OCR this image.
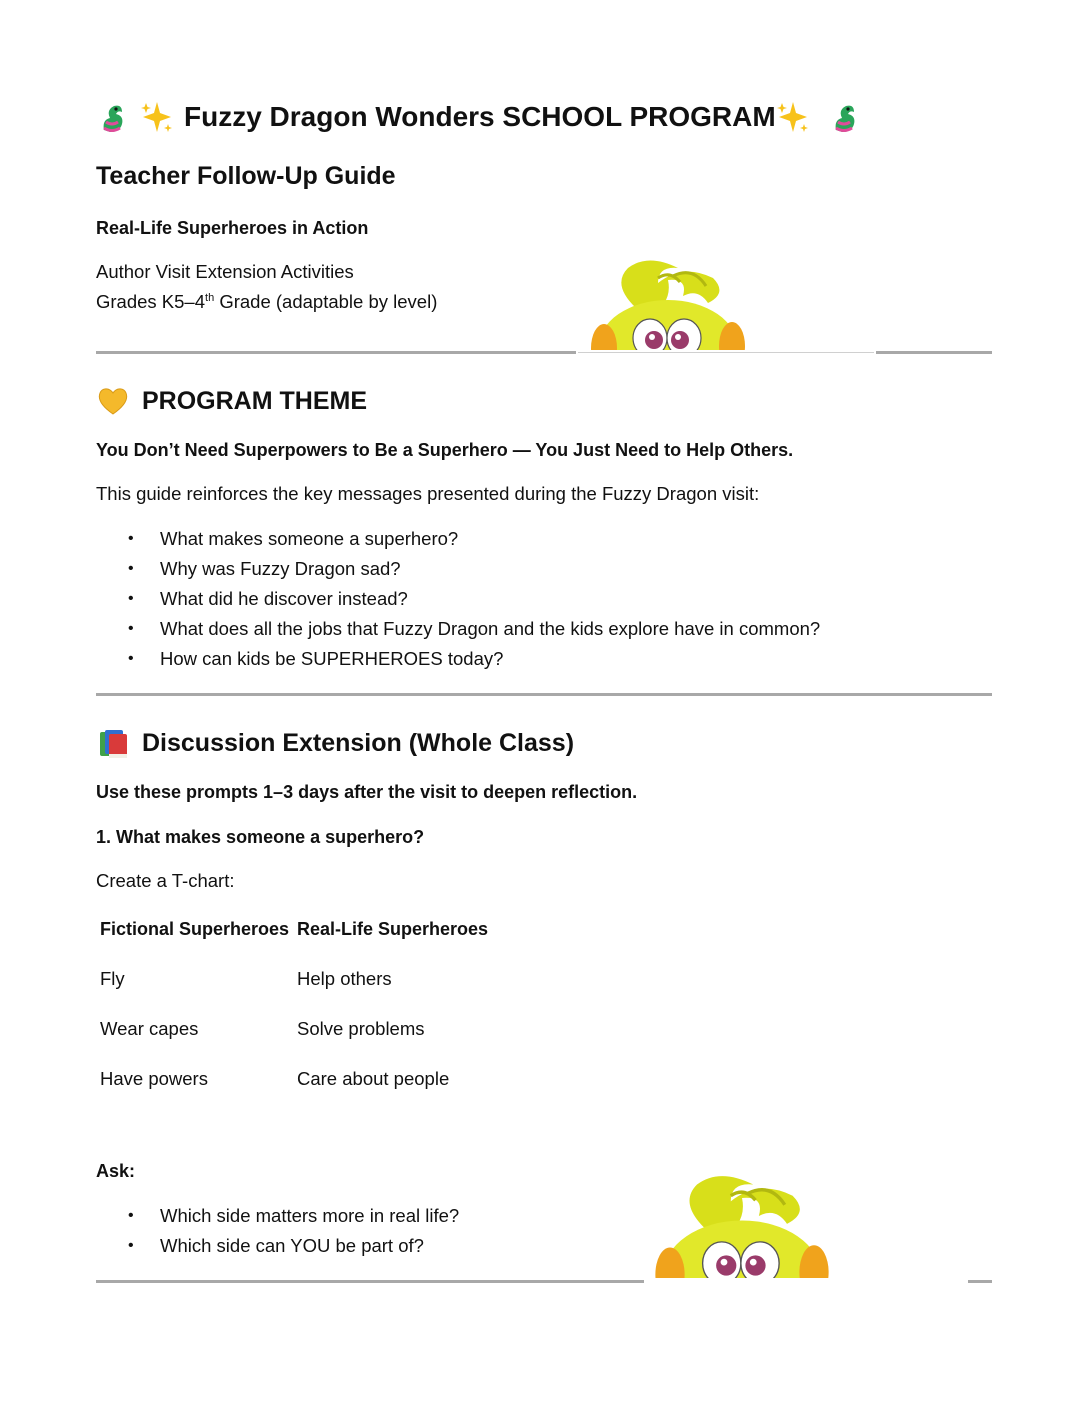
Fuzzy Dragon Wonders SCHOOL PROGRAM
Teacher Follow-Up Guide
Real-Life Superheroes in Action
Author Visit Extension Activities
Grades K5–4th Grade (adaptable by level)
PROGRAM THEME
You Don’t Need Superpowers to Be a Superhero — You Just Need to Help Others.
This guide reinforces the key messages presented during the Fuzzy Dragon visit:
• What makes someone a superhero?
• Why was Fuzzy Dragon sad?
• What did he discover instead?
• What does all the jobs that Fuzzy Dragon and the kids explore have in common?
• How can kids be SUPERHEROES today?
Discussion Extension (Whole Class)
Use these prompts 1–3 days after the visit to deepen reflection.
1. What makes someone a superhero?
Create a T-chart:
Fictional Superheroes Real-Life Superheroes
Fly	Help others
Wear capes	Solve problems
Have powers	Care about people
Ask:
• Which side matters more in real life?
• Which side can YOU be part of?
